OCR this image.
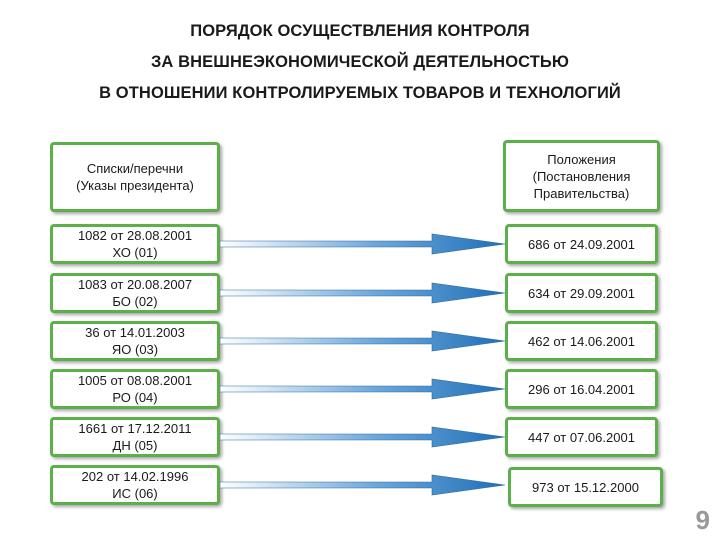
ПОРЯДОК ОСУЩЕСТВЛЕНИЯ КОНТРОЛЯ
ЗА ВНЕШНЕЭКОНОМИЧЕСКОЙ ДЕЯТЕЛЬНОСТЬЮ
В ОТНОШЕНИИ КОНТРОЛИРУЕМЫХ ТОВАРОВ И ТЕХНОЛОГИЙ
Списки/перечни
(Указы президента)
Положения
(Постановления
Правительства)
1082 от 28.08.2001
ХО (01)
686 от 24.09.2001
1083 от 20.08.2007
БО (02)
634 от 29.09.2001
36 от 14.01.2003
ЯО (03)
462 от 14.06.2001
1005 от 08.08.2001
РО (04)
296 от 16.04.2001
1661 от 17.12.2011
ДН (05)
447 от 07.06.2001
202 от 14.02.1996
ИС (06)	973 от 15.12.2000
9
